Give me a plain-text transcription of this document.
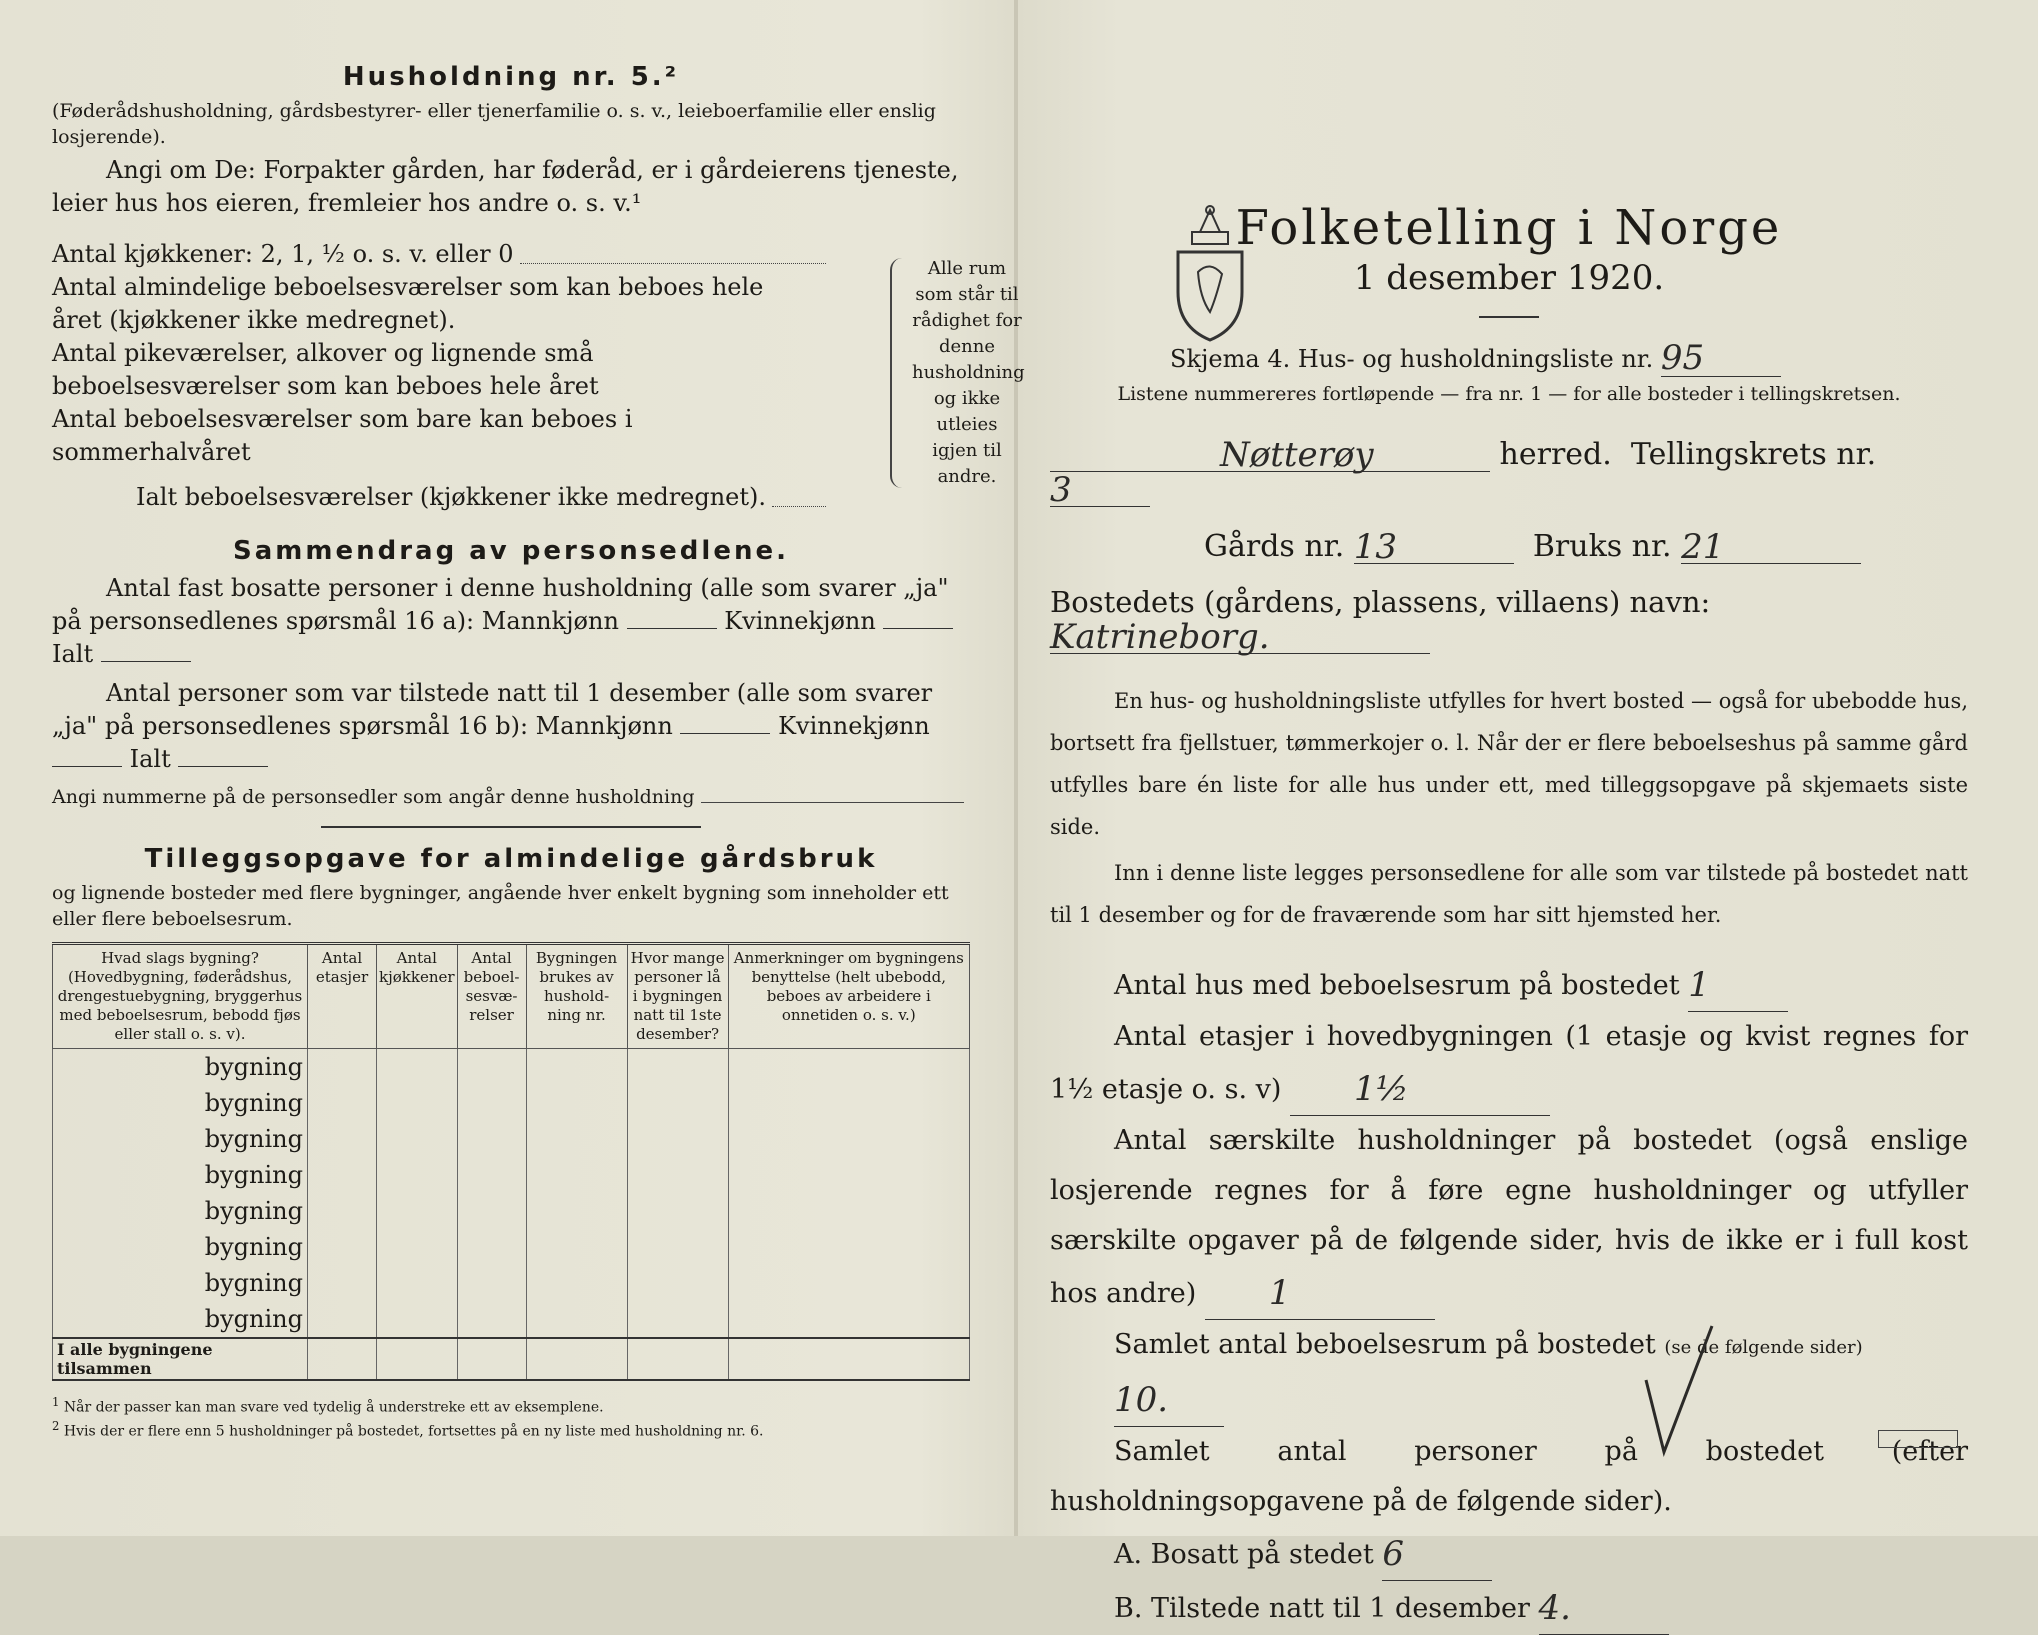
Husholdning nr. 5.²
(Føderådshusholdning, gårdsbestyrer- eller tjenerfamilie o. s. v., leieboerfamilie eller enslig losjerende).
Angi om De: Forpakter gården, har føderåd, er i gårdeierens tjeneste, leier hus hos eieren, fremleier hos andre o. s. v.¹
Antal kjøkkener: 2, 1, ½ o. s. v. eller 0
Antal almindelige beboelsesværelser som kan beboes hele året (kjøkkener ikke medregnet).
Antal pikeværelser, alkover og lignende små beboelsesværelser som kan beboes hele året
Antal beboelsesværelser som bare kan beboes i sommerhalvåret
Ialt beboelsesværelser (kjøkkener ikke medregnet).
Alle rum som står til rådighet for denne husholdning og ikke utleies igjen til andre.
Sammendrag av personsedlene.
Antal fast bosatte personer i denne husholdning (alle som svarer „ja" på personsedlenes spørsmål 16 a): Mannkjønn	Kvinnekjønn  Ialt
Antal personer som var tilstede natt til 1 desember (alle som svarer „ja" på personsedlenes spørsmål 16 b): Mannkjønn	Kvinnekjønn  Ialt
Angi nummerne på de personsedler som angår denne husholdning
Tilleggsopgave for almindelige gårdsbruk
og lignende bosteder med flere bygninger, angående hver enkelt bygning som inneholder ett eller flere beboelsesrum.
Hvad slags bygning? (Hovedbygning, føderådshus, drengestuebygning, bryggerhus med beboelsesrum, bebodd fjøs eller stall o. s. v).	Antal etasjer	Antal kjøkkener	Antal beboel-sesvæ-relser	Bygningen brukes av hushold-ning nr.	Hvor mange personer lå i bygningen natt til 1ste desember?	Anmerkninger om bygningens benyttelse (helt ubebodd, beboes av arbeidere i onnetiden o. s. v.)
bygning						
bygning						
bygning						
bygning						
bygning						
bygning						
bygning						
bygning						
I alle bygningene tilsammen						
$^1$ Når der passer kan man svare ved tydelig å understreke ett av eksemplene.
$^2$ Hvis der er flere enn 5 husholdninger på bostedet, fortsettes på en ny liste med husholdning nr. 6.
Folketelling i Norge
1 desember 1920.
Skjema 4. Hus- og husholdningsliste nr. 95
Listene nummereres fortløpende — fra nr. 1 — for alle bosteder i tellingskretsen.
Nøtterøy	herred. Tellingskrets nr. 3
Gårds nr. 13	Bruks nr. 21
Bostedets (gårdens, plassens, villaens) navn: Katrineborg.
En hus- og husholdningsliste utfylles for hvert bosted — også for ubebodde hus, bortsett fra fjellstuer, tømmerkojer o. l. Når der er flere beboelseshus på samme gård utfylles bare én liste for alle hus under ett, med tilleggsopgave på skjemaets siste side.
Inn i denne liste legges personsedlene for alle som var tilstede på bostedet natt til 1 desember og for de fraværende som har sitt hjemsted her.
Antal hus med beboelsesrum på bostedet 1
Antal etasjer i hovedbygningen (1 etasje og kvist regnes for 1½ etasje o. s. v) 1½
Antal særskilte husholdninger på bostedet (også enslige losjerende regnes for å føre egne husholdninger og utfyller særskilte opgaver på de følgende sider, hvis de ikke er i full kost hos andre) 1
Samlet antal beboelsesrum på bostedet (se de følgende sider) 10.
Samlet antal personer på bostedet (efter husholdningsopgavene på de følgende sider).
A. Bosatt på stedet 6
B. Tilstede natt til 1 desember 4.
